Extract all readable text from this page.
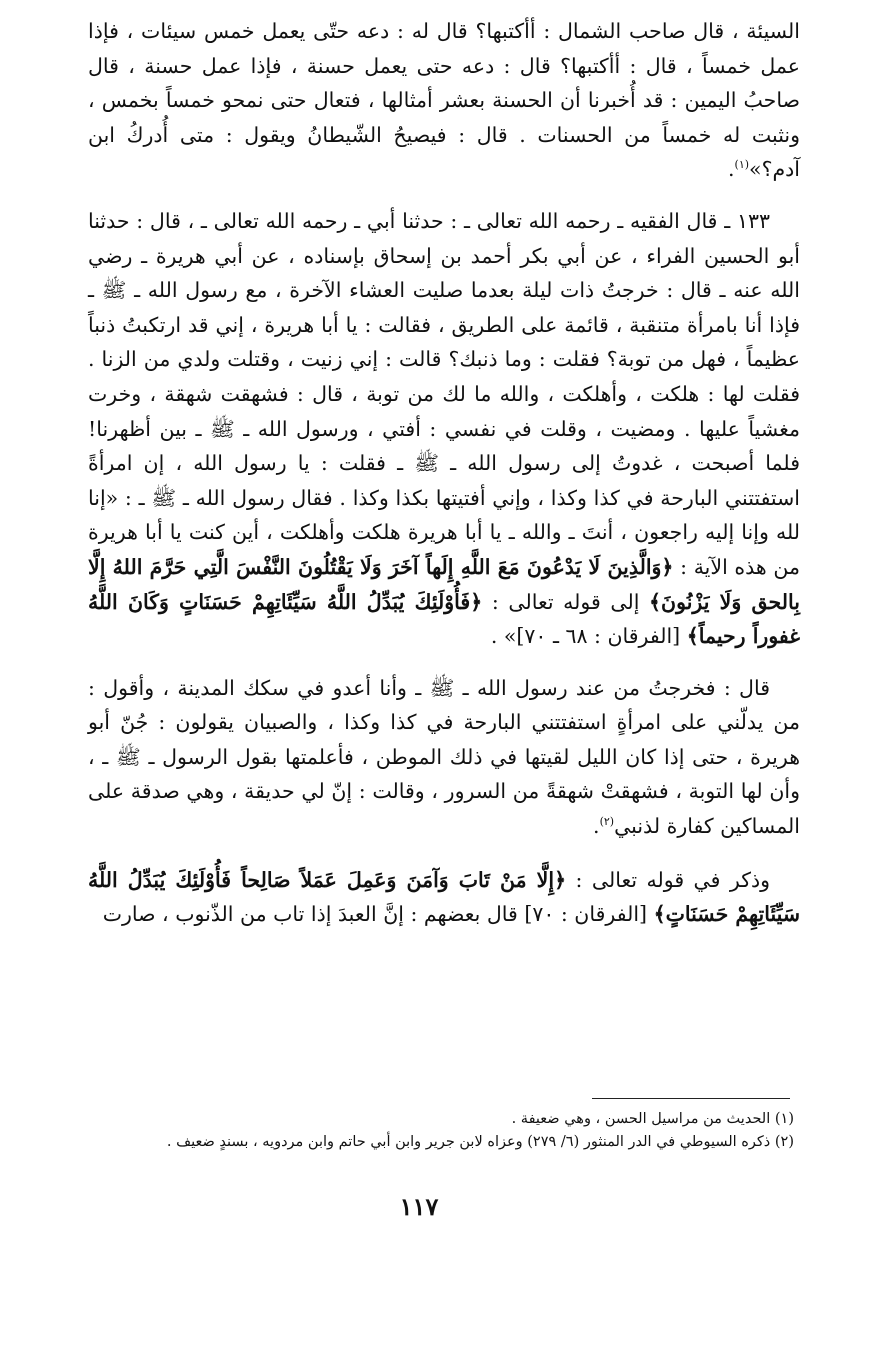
السيئة ، قال صاحب الشمال : أأكتبها؟ قال له : دعه حتّى يعمل خمس سيئات ، فإذا عمل خمساً ، قال : أأكتبها؟ قال : دعه حتى يعمل حسنة ، فإذا عمل حسنة ، قال صاحبُ اليمين : قد أُخبرنا أن الحسنة بعشر أمثالها ، فتعال حتى نمحو خمساً بخمس ، ونثبت له خمساً من الحسنات . قال : فيصيحُ الشّيطانُ ويقول : متى أُدركُ ابن آدم؟»$^{(١)}$.

١٣٣ ـ قال الفقيه ـ رحمه الله تعالى ـ : حدثنا أبي ـ رحمه الله تعالى ـ ، قال : حدثنا أبو الحسين الفراء ، عن أبي بكر أحمد بن إسحاق بإسناده ، عن أبي هريرة ـ رضي الله عنه ـ قال : خرجتُ ذات ليلة بعدما صليت العشاء الآخرة ، مع رسول الله ـ ﷺ ـ فإذا أنا بامرأة متنقبة ، قائمة على الطريق ، فقالت : يا أبا هريرة ، إني قد ارتكبتُ ذنباً عظيماً ، فهل من توبة؟ فقلت : وما ذنبك؟ قالت : إني زنيت ، وقتلت ولدي من الزنا . فقلت لها : هلكت ، وأهلكت ، والله ما لك من توبة ، قال : فشهقت شهقة ، وخرت مغشياً عليها . ومضيت ، وقلت في نفسي : أفتي ، ورسول الله ـ ﷺ ـ بين أظهرنا! فلما أصبحت ، غدوتُ إلى رسول الله ـ ﷺ ـ فقلت : يا رسول الله ، إن امرأةً استفتتني البارحة في كذا وكذا ، وإني أفتيتها بكذا وكذا . فقال رسول الله ـ ﷺ ـ : «إنا لله وإنا إليه راجعون ، أنتَ ـ والله ـ يا أبا هريرة هلكت وأهلكت ، أين كنت يا أبا هريرة من هذه الآية : ﴿وَالَّذِينَ لَا يَدْعُونَ مَعَ اللَّهِ إِلَهاً آخَرَ وَلَا يَقْتُلُونَ النَّفْسَ الَّتِي حَرَّمَ اللهُ إِلَّا بِالحق وَلَا يَزْنُونَ﴾ إلى قوله تعالى : ﴿فَأُوْلَئِكَ يُبَدِّلُ اللَّهُ سَيِّئَاتِهِمْ حَسَنَاتٍ وَكَانَ اللَّهُ غفوراً رحيماً﴾ [الفرقان : ٦٨ ـ ٧٠]» .

قال : فخرجتُ من عند رسول الله ـ ﷺ ـ وأنا أعدو في سكك المدينة ، وأقول : من يدلّني على امرأةٍ استفتتني البارحة في كذا وكذا ، والصبيان يقولون : جُنّ أبو هريرة ، حتى إذا كان الليل لقيتها في ذلك الموطن ، فأعلمتها بقول الرسول ـ ﷺ ـ ، وأن لها التوبة ، فشهقتْ شهقةً من السرور ، وقالت : إنّ لي حديقة ، وهي صدقة على المساكين كفارة لذنبي$^{(٢)}$.

وذكر في قوله تعالى : ﴿إِلَّا مَنْ تَابَ وَآمَنَ وَعَمِلَ عَمَلاً صَالِحاً فَأُوْلَئِكَ يُبَدِّلُ اللَّهُ سَيِّئَاتِهِمْ حَسَنَاتٍ﴾ [الفرقان : ٧٠] قال بعضهم : إنَّ العبدَ إذا تاب من الذّنوب ، صارت

(١) الحديث من مراسيل الحسن ، وهي ضعيفة .
(٢) ذكره السيوطي في الدر المنثور (٦/ ٢٧٩) وعزاه لابن جرير وابن أبي حاتم وابن مردويه ، بسندٍ ضعيف .
١١٧
